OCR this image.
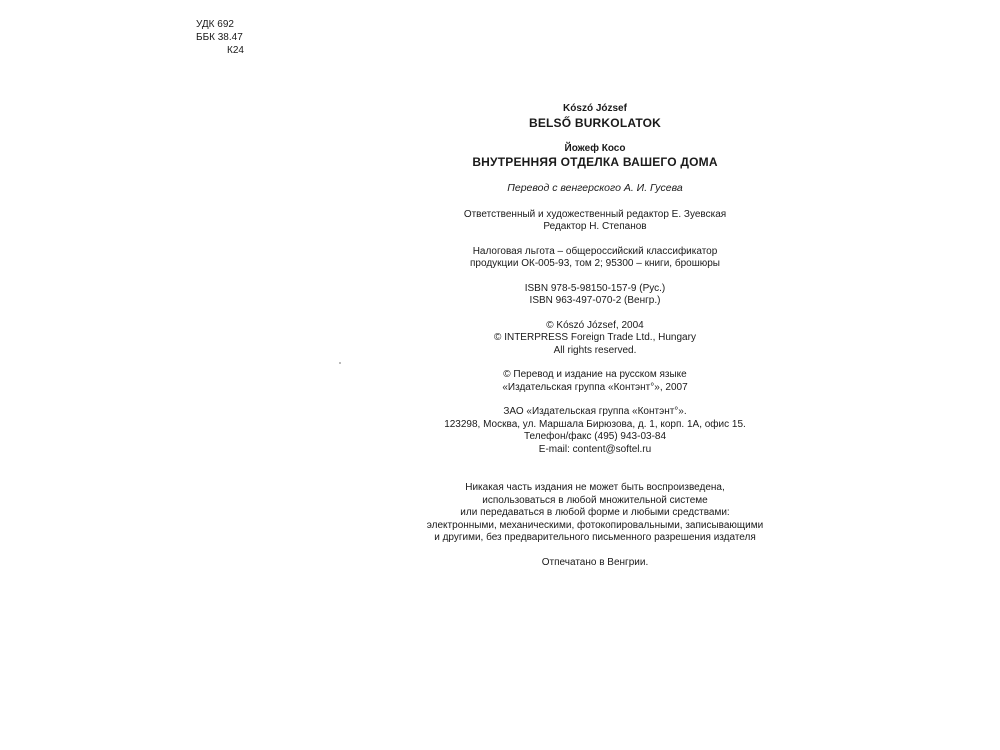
УДК 692
ББК 38.47
К24
Kószó József
BELSŐ BURKOLATOK
Йожеф Косо
ВНУТРЕННЯЯ ОТДЕЛКА ВАШЕГО ДОМА
Перевод с венгерского А. И. Гусева
Ответственный и художественный редактор Е. Зуевская
Редактор Н. Степанов
Налоговая льгота – общероссийский классификатор
продукции ОК-005-93, том 2; 95300 – книги, брошюры
ISBN 978-5-98150-157-9 (Рус.)
ISBN 963-497-070-2 (Венгр.)
© Kószó József, 2004
© INTERPRESS Foreign Trade Ltd., Hungary
All rights reserved.
© Перевод и издание на русском языке
«Издательская группа «Контэнт°», 2007
ЗАО «Издательская группа «Контэнт°».
123298, Москва, ул. Маршала Бирюзова, д. 1, корп. 1А, офис 15.
Телефон/факс (495) 943-03-84
E-mail: content@softel.ru
Никакая часть издания не может быть воспроизведена,
использоваться в любой множительной системе
или передаваться в любой форме и любыми средствами:
электронными, механическими, фотокопировальными, записывающими
и другими, без предварительного письменного разрешения издателя
Отпечатано в Венгрии.
